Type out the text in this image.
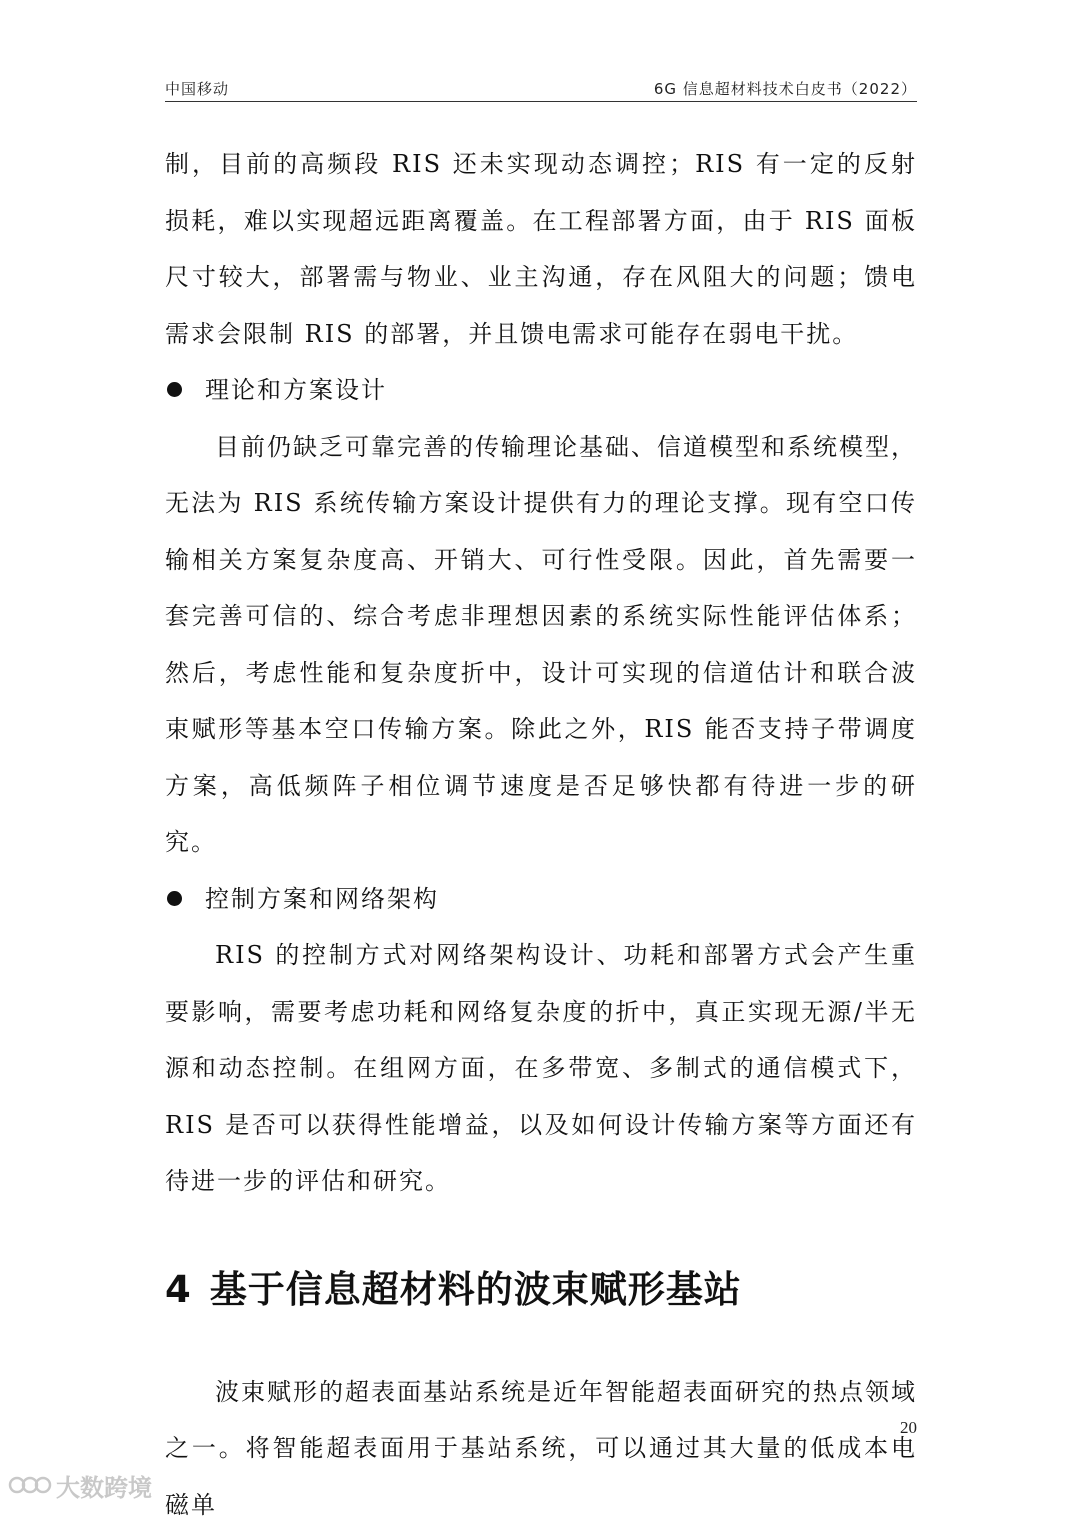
中国移动	6G 信息超材料技术白皮书（2022）

制，目前的高频段 RIS 还未实现动态调控；RIS 有一定的反射损耗，难以实现超远距离覆盖。在工程部署方面，由于 RIS 面板尺寸较大，部署需与物业、业主沟通，存在风阻大的问题；馈电需求会限制 RIS 的部署，并且馈电需求可能存在弱电干扰。

理论和方案设计

目前仍缺乏可靠完善的传输理论基础、信道模型和系统模型，无法为 RIS 系统传输方案设计提供有力的理论支撑。现有空口传输相关方案复杂度高、开销大、可行性受限。因此，首先需要一套完善可信的、综合考虑非理想因素的系统实际性能评估体系；然后，考虑性能和复杂度折中，设计可实现的信道估计和联合波束赋形等基本空口传输方案。除此之外，RIS 能否支持子带调度方案，高低频阵子相位调节速度是否足够快都有待进一步的研究。

控制方案和网络架构

RIS 的控制方式对网络架构设计、功耗和部署方式会产生重要影响，需要考虑功耗和网络复杂度的折中，真正实现无源/半无源和动态控制。在组网方面，在多带宽、多制式的通信模式下，RIS 是否可以获得性能增益，以及如何设计传输方案等方面还有待进一步的评估和研究。

4 基于信息超材料的波束赋形基站

波束赋形的超表面基站系统是近年智能超表面研究的热点领域之一。将智能超表面用于基站系统，可以通过其大量的低成本电磁单

20
大数跨境
